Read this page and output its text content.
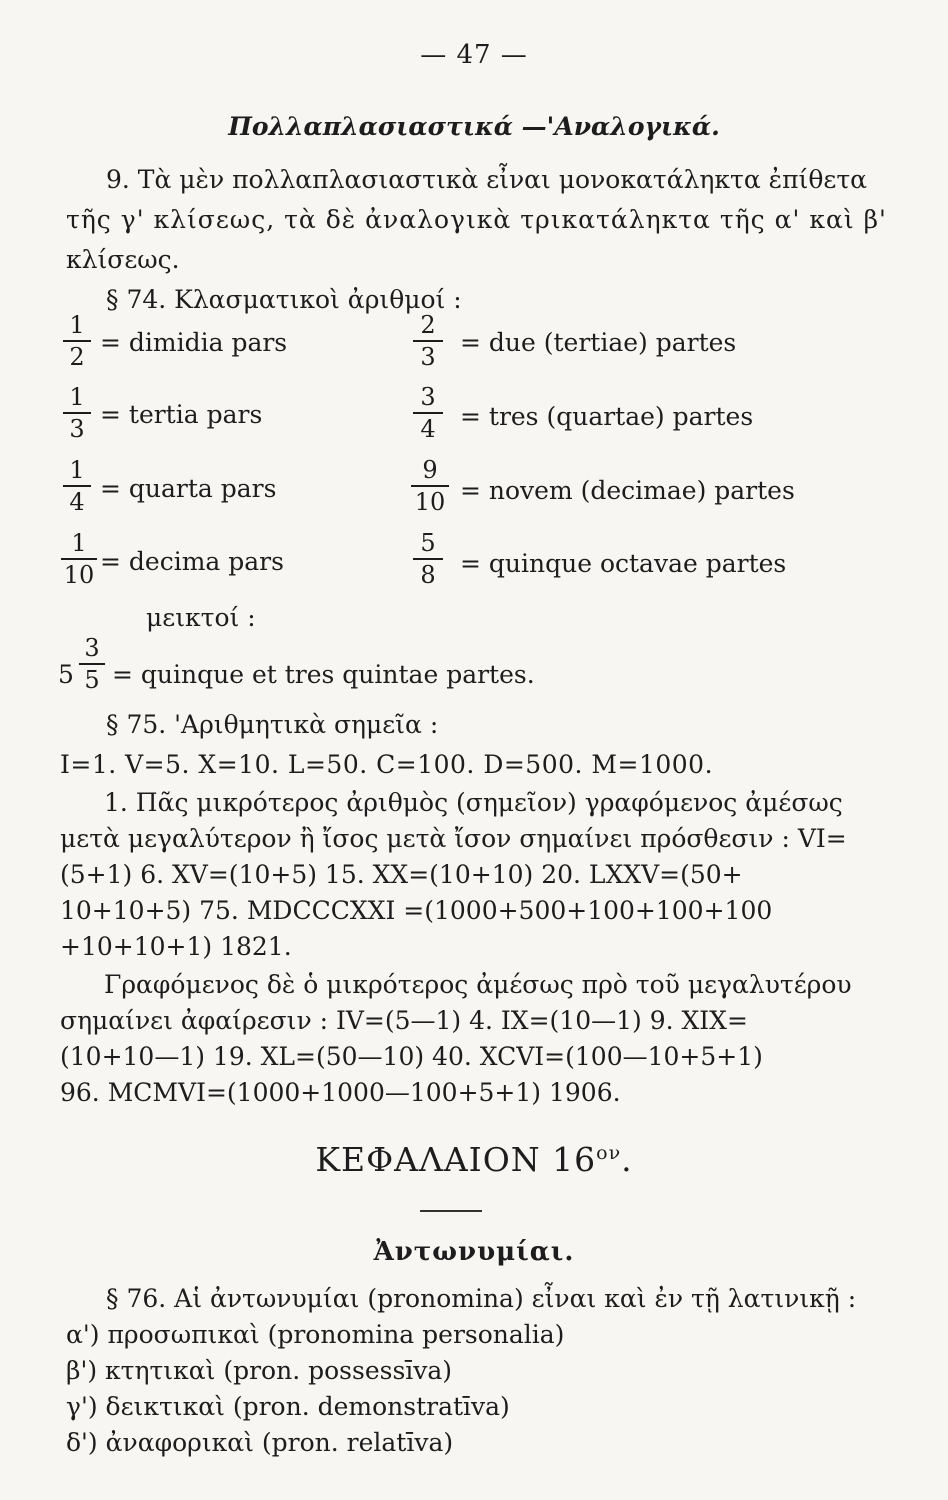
— 47 —
Πολλαπλασιαστικά —'Αναλογικά.
9. Τὰ μὲν πολλαπλασιαστικὰ εἶναι μονοκατάληκτα ἐπίθετα
τῆς γ' κλίσεως, τὰ δὲ ἀναλογικὰ τρικατάληκτα τῆς α' καὶ β'
κλίσεως.
§ 74. Κλασματικοὶ ἀριθμοί :
1
2 = dimidia pars
1
3 = tertia pars
1
4 = quarta pars
1
10 = decima pars
2
3 = due (tertiae) partes
3
4 = tres (quartae) partes
9
10 = novem (decimae) partes
5
8 = quinque octavae partes
μεικτοί :
5
3
5 = quinque et tres quintae partes.
§ 75. 'Αριθμητικὰ σημεῖα :
I=1. V=5. X=10. L=50. C=100. D=500. M=1000.
1. Πᾶς μικρότερος ἀριθμὸς (σημεῖον) γραφόμενος ἀμέσως
μετὰ μεγαλύτερον ἢ ἴσος μετὰ ἴσον σημαίνει πρόσθεσιν : VI=
(5+1) 6. XV=(10+5) 15. XX=(10+10) 20. LXXV=(50+
10+10+5) 75. MDCCCXXI =(1000+500+100+100+100
+10+10+1) 1821.
Γραφόμενος δὲ ὁ μικρότερος ἀμέσως πρὸ τοῦ μεγαλυτέρου
σημαίνει ἀφαίρεσιν : IV=(5—1) 4. IX=(10—1) 9. XIX=
(10+10—1) 19. XL=(50—10) 40. XCVI=(100—10+5+1)
96. MCMVI=(1000+1000—100+5+1) 1906.
ΚΕΦΑΛΑΙΟΝ $16^{o\nu}$.
Ἀντωνυμίαι.
§ 76. Αἱ ἀντωνυμίαι (pronomina) εἶναι καὶ ἐν τῇ λατινικῇ :
α') προσωπικαὶ (pronomina personalia)
β') κτητικαὶ (pron. possessīva)
γ') δεικτικαὶ (pron. demonstratīva)
δ') ἀναφορικαὶ (pron. relatīva)
